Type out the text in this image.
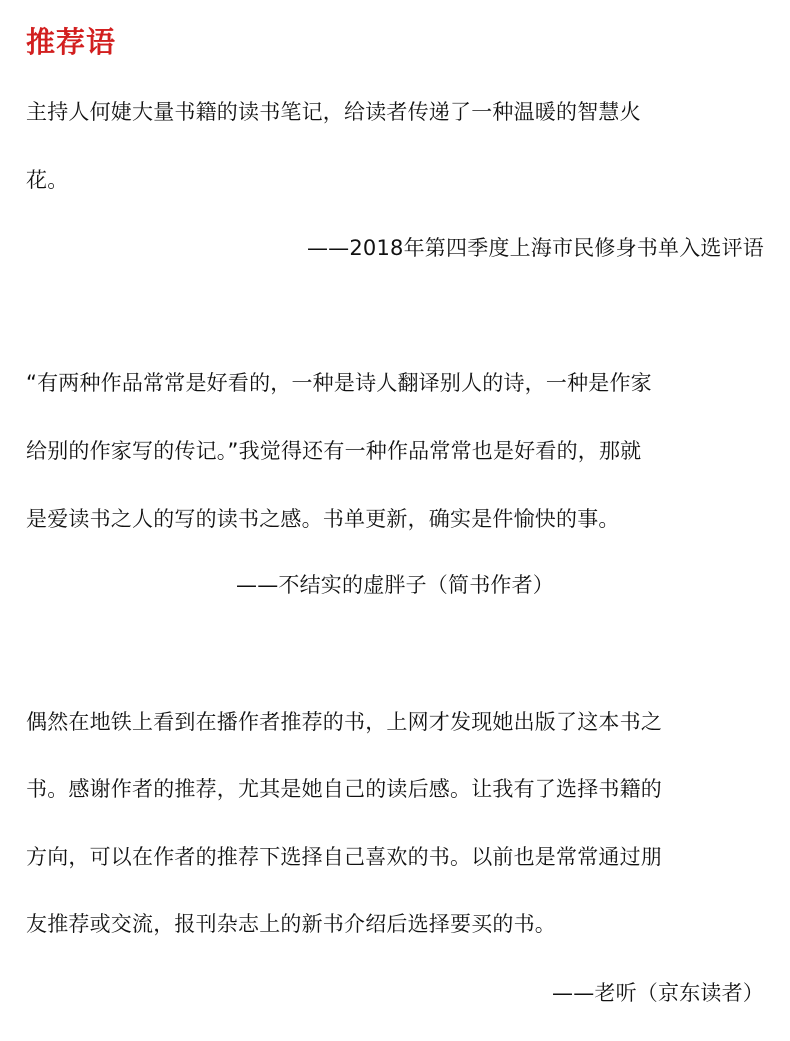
推荐语
主持人何婕大量书籍的读书笔记，给读者传递了一种温暖的智慧火
花。
——2018年第四季度上海市民修身书单入选评语
“有两种作品常常是好看的，一种是诗人翻译别人的诗，一种是作家
给别的作家写的传记。”我觉得还有一种作品常常也是好看的，那就
是爱读书之人的写的读书之感。书单更新，确实是件愉快的事。
——不结实的虚胖子（简书作者）
偶然在地铁上看到在播作者推荐的书，上网才发现她出版了这本书之
书。感谢作者的推荐，尤其是她自己的读后感。让我有了选择书籍的
方向，可以在作者的推荐下选择自己喜欢的书。以前也是常常通过朋
友推荐或交流，报刊杂志上的新书介绍后选择要买的书。
——老听（京东读者）
